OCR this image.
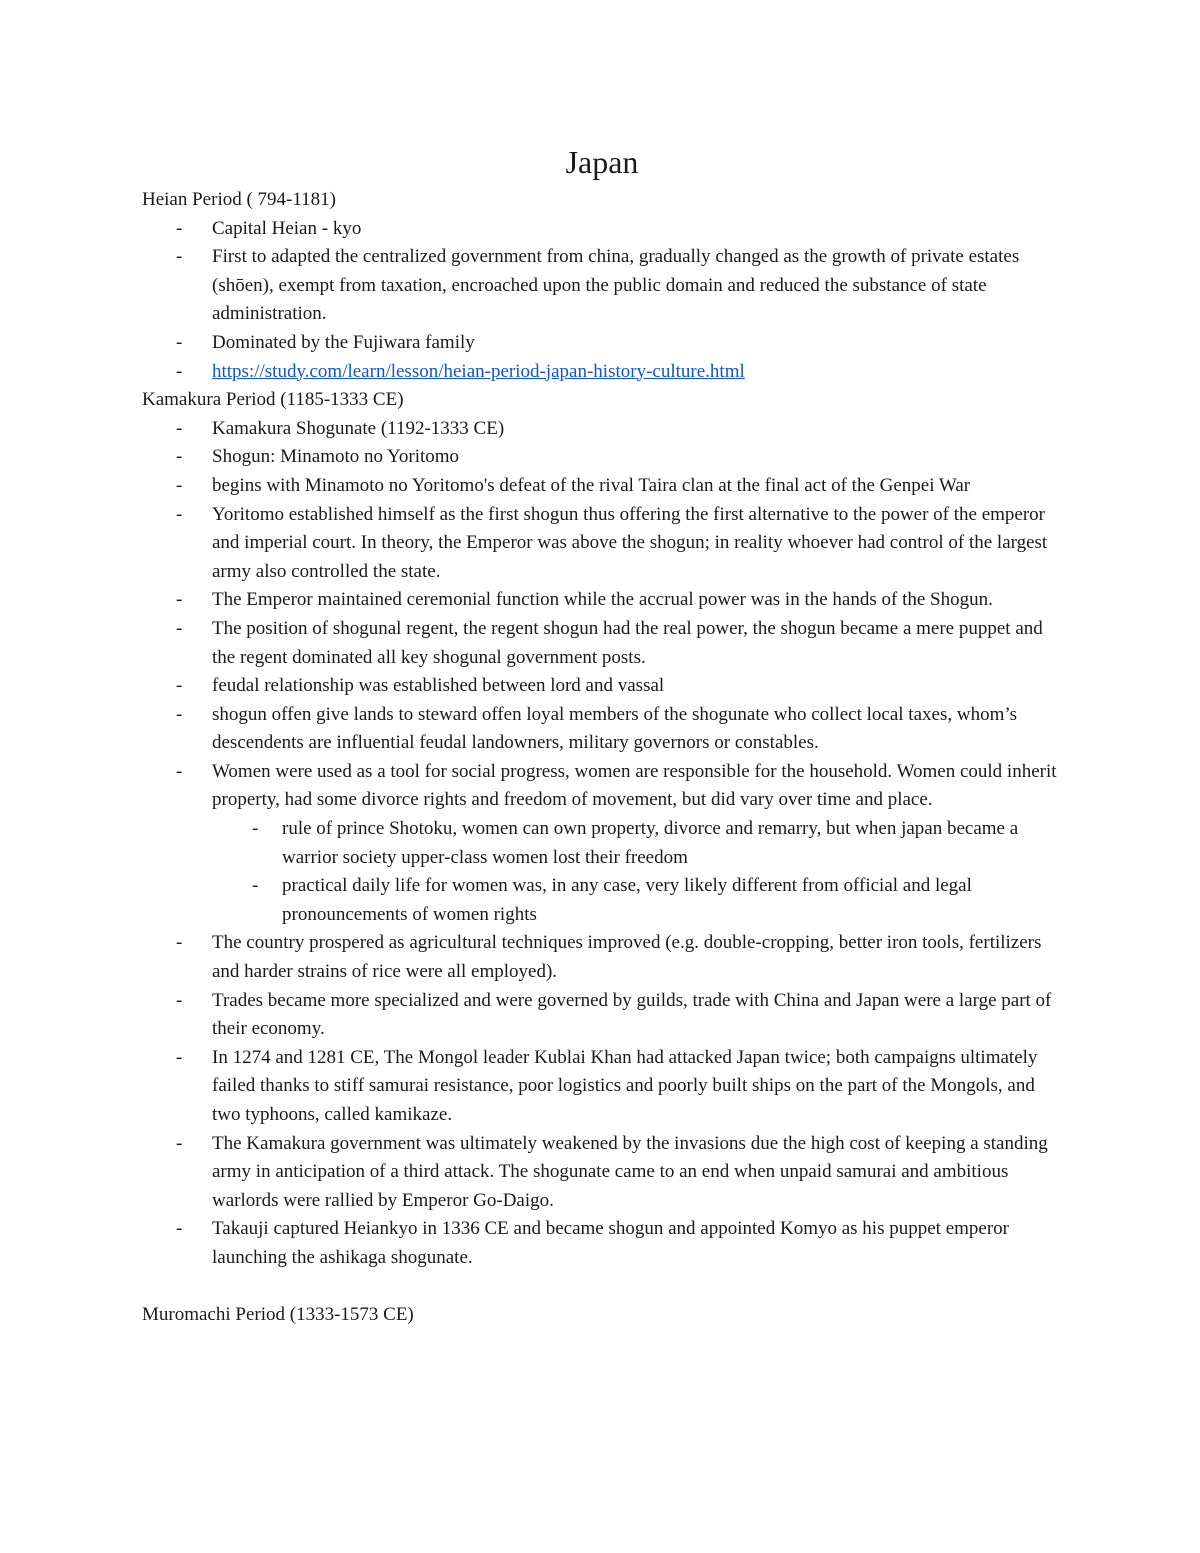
Japan

Heian Period ( 794-1181)

- Capital Heian - kyo
- First to adapted the centralized government from china, gradually changed as the growth of private estates (shōen), exempt from taxation, encroached upon the public domain and reduced the substance of state administration.
- Dominated by the Fujiwara family
- https://study.com/learn/lesson/heian-period-japan-history-culture.html

Kamakura Period (1185-1333 CE)

- Kamakura Shogunate (1192-1333 CE)
- Shogun: Minamoto no Yoritomo
- begins with Minamoto no Yoritomo's defeat of the rival Taira clan at the final act of the Genpei War
- Yoritomo established himself as the first shogun thus offering the first alternative to the power of the emperor and imperial court. In theory, the Emperor was above the shogun; in reality whoever had control of the largest army also controlled the state.
- The Emperor maintained ceremonial function while the accrual power was in the hands of the Shogun.
- The position of shogunal regent, the regent shogun had the real power, the shogun became a mere puppet and the regent dominated all key shogunal government posts.
- feudal relationship was established between lord and vassal
- shogun offen give lands to steward offen loyal members of the shogunate who collect local taxes, whom’s descendents are influential feudal landowners, military governors or constables.
- Women were used as a tool for social progress, women are responsible for the household. Women could inherit property, had some divorce rights and freedom of movement, but did vary over time and place.
- rule of prince Shotoku, women can own property, divorce and remarry, but when japan became a warrior society upper-class women lost their freedom
- practical daily life for women was, in any case, very likely different from official and legal pronouncements of women rights
- The country prospered as agricultural techniques improved (e.g. double-cropping, better iron tools, fertilizers and harder strains of rice were all employed).
- Trades became more specialized and were governed by guilds, trade with China and Japan were a large part of their economy.
- In 1274 and 1281 CE, The Mongol leader Kublai Khan had attacked Japan twice; both campaigns ultimately failed thanks to stiff samurai resistance, poor logistics and poorly built ships on the part of the Mongols, and two typhoons, called kamikaze.
- The Kamakura government was ultimately weakened by the invasions due the high cost of keeping a standing army in anticipation of a third attack. The shogunate came to an end when unpaid samurai and ambitious warlords were rallied by Emperor Go-Daigo.
- Takauji captured Heiankyo in 1336 CE and became shogun and appointed Komyo as his puppet emperor launching the ashikaga shogunate.

Muromachi Period (1333-1573 CE)
